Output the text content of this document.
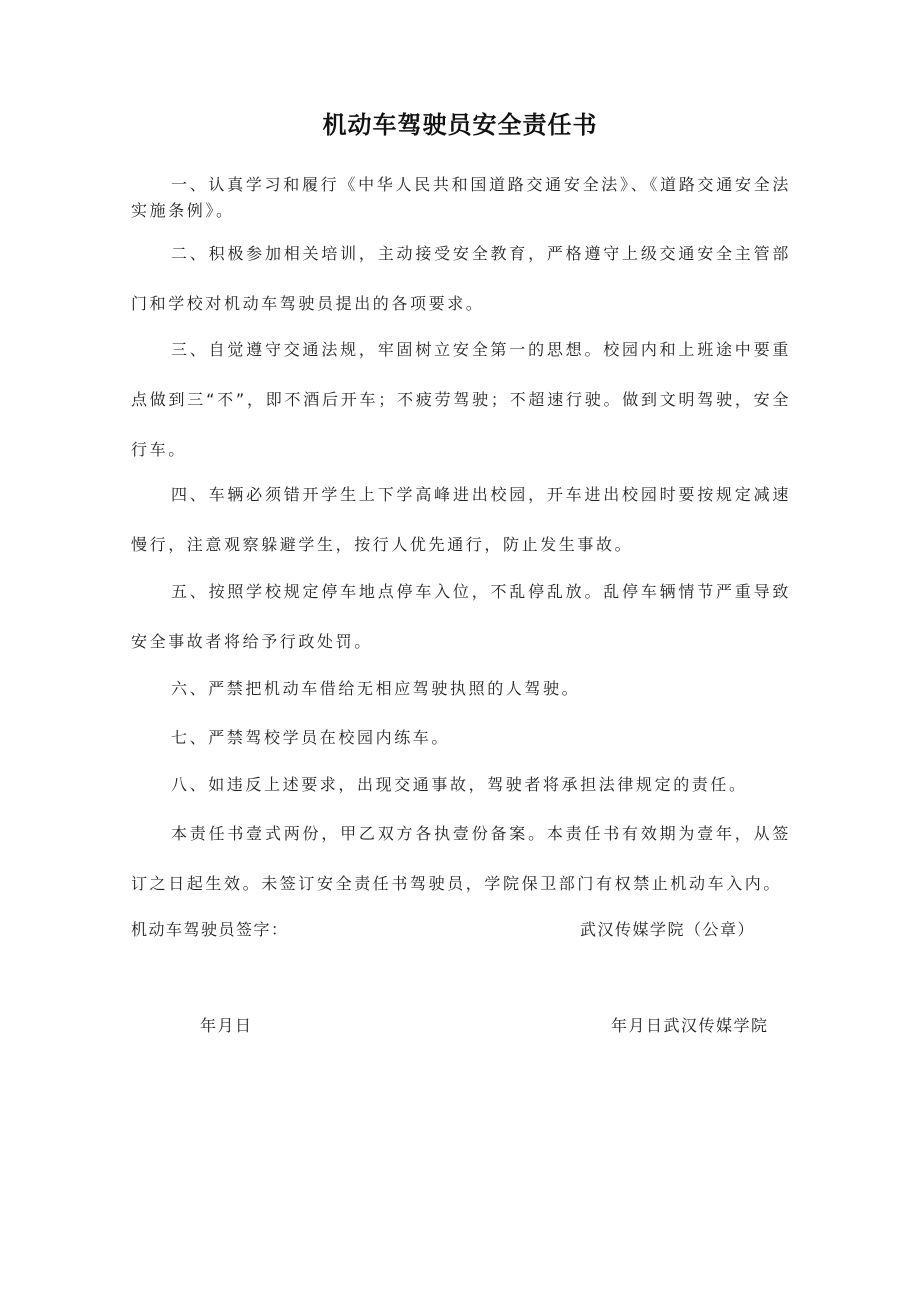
机动车驾驶员安全责任书
一、认真学习和履行《中华人民共和国道路交通安全法》、《道路交通安全法实施条例》。
二、积极参加相关培训，主动接受安全教育，严格遵守上级交通安全主管部门和学校对机动车驾驶员提出的各项要求。
三、自觉遵守交通法规，牢固树立安全第一的思想。校园内和上班途中要重点做到三“不”，即不酒后开车；不疲劳驾驶；不超速行驶。做到文明驾驶，安全行车。
四、车辆必须错开学生上下学高峰进出校园，开车进出校园时要按规定减速慢行，注意观察躲避学生，按行人优先通行，防止发生事故。
五、按照学校规定停车地点停车入位，不乱停乱放。乱停车辆情节严重导致安全事故者将给予行政处罚。
六、严禁把机动车借给无相应驾驶执照的人驾驶。
七、严禁驾校学员在校园内练车。
八、如违反上述要求，出现交通事故，驾驶者将承担法律规定的责任。
本责任书壹式两份，甲乙双方各执壹份备案。本责任书有效期为壹年，从签订之日起生效。未签订安全责任书驾驶员，学院保卫部门有权禁止机动车入内。
机动车驾驶员签字：	武汉传媒学院（公章）
年月日	年月日武汉传媒学院
